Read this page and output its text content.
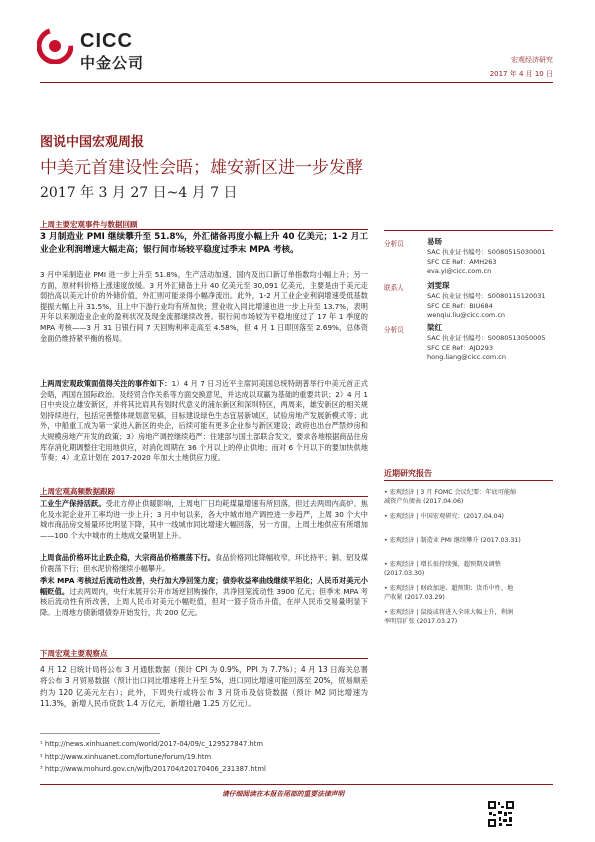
CICC
中金公司	宏观经济研究
2017 年 4 月 10 日
图说中国宏观周报
中美元首建设性会晤；雄安新区进一步发酵
2017 年 3 月 27 日~4 月 7 日
上周主要宏观事件与数据回顾
3 月制造业 PMI 继续攀升至 51.8%，外汇储备再度小幅上升 40 亿美元；1-2 月工业企业利润增速大幅走高；银行间市场较平稳度过季末 MPA 考核。
3 月中采制造业 PMI 进一步上升至 51.8%，生产活动加速、国内及出口新订单指数均小幅上升；另一方面，原材料价格上涨速度放缓。3 月外汇储备上升 40 亿美元至 30,091 亿美元，主要是由于美元走弱抬高以美元计价的外储价值，外汇则可能录得小幅净流出。此外，1-2 月工业企业利润增速受低基数提振大幅上升 31.5%，且上中下游行业均有所加快；营业收入同比增速也进一步上升至 13.7%，表明开年以来制造业企业的盈利状况及现金流都继续改善。银行间市场较为平稳地度过了 17 年 1 季度的 MPA 考核——3 月 31 日银行间 7 天回购利率走高至 4.58%，但 4 月 1 日即回落至 2.69%，总体资金面仍维持紧平衡的格局。
上两周宏观政策面值得关注的事件如下：1）4 月 7 日习近平主席同美国总统特朗普举行中美元首正式会晤，两国在国际政治、及经贸合作关系等方面交换意见，并达成以双赢为基础的重要共识；2）4 月 1 日中央设立雄安新区，并将其比肩具有划时代意义的浦东新区和深圳特区，两周来，雄安新区的相关规划持续进行，包括完善整体规划意见稿，目标建设绿色生态宜居新城区，试验房地产发展新模式等；此外，中船重工成为第一家进入新区的央企，后续可能有更多企业参与新区建设；政府也出台严禁炒房和大规模房地产开发的政策；3）房地产调控继续趋严：住建部与国土部联合发文，要求各地根据商品住房库存消化期调整住宅用地供应，对消化周期在 36 个月以上的停止供地；而对 6 个月以下的要加快供地节奏；4）北京计划在 2017-2020 年加大土地供应力度。
上周宏观高频数据跟踪
工业生产保持活跃。受北方停止供暖影响，上周电厂日均耗煤量增速有所回落，但过去两周内高炉、焦化及水泥企业开工率均进一步上升；3 月中旬以来，各大中城市地产调控进一步趋严，上周 30 个大中城市商品房交易量环比明显下降，其中一线城市同比增速大幅回落，另一方面，上周土地供应有所增加——100 个大中城市的土地成交量明显上升。
上周食品价格环比止跌企稳，大宗商品价格震荡下行。食品价格同比降幅收窄，环比持平；铜、铝及煤价震荡下行；但水泥价格继续小幅攀升。
季末 MPA 考核过后流动性改善，央行加大净回笼力度；债券收益率曲线继续平坦化；人民币对美元小幅贬值。过去两周内，央行未展开公开市场逆回购操作，共净回笼流动性 3900 亿元；但季末 MPA 考核后流动性有所改善，上周人民币对美元小幅贬值，但对一篮子货币升值，在岸人民币交易量明显下降。上周地方债新增债券开始发行，共 200 亿元。
下周宏观主要观察点
4 月 12 日统计局将公布 3 月通胀数据（预计 CPI 为 0.9%，PPI 为 7.7%）；4 月 13 日海关总署将公布 3 月贸易数据（预计出口同比增速将上升至 5%，进口同比增速可能回落至 20%，贸易顺差约为 120 亿美元左右）；此外，下周央行或将公布 3 月货币及信贷数据（预计 M2 同比增速为 11.3%，新增人民币贷款 1.4 万亿元，新增社融 1.25 万亿元）。
分析员	易旸
SAC 执业证书编号：S0080515030001
SFC CE Ref：AMH263
eva.yi@cicc.com.cn
联系人	刘雯琛
SAC 执业证书编号：S0080115120031
SFC CE Ref：BIU684
wenqiu.liu@cicc.com.cn
分析员	梁红
SAC 执业证书编号：S0080513050005
SFC CE Ref：AJD293
hong.liang@cicc.com.cn
近期研究报告
• 宏观经济 | 3 月 FOMC 会议纪要：年底可能缩
减资产负债表 (2017.04.06)
• 宏观经济 | 中国宏观研究：(2017.04.04)
• 宏观经济 | 制造业 PMI 继续攀升 (2017.03.31)
• 宏观经济 | 增长很持续强，超预期及调整
(2017.03.30)
• 宏观经济 | 财政加速、超预期；货币中性、地
产收紧 (2017.03.29)
• 宏观经济 | 鼠疫或将进入全球大幅上升，利润
率明显扩张 (2017.03.27)
¹ http://news.xinhuanet.com/world/2017-04/09/c_129527847.htm
² http://www.xinhuanet.com/fortune/forum/19.htm
³ http://www.mohurd.gov.cn/wjfb/201704/t20170406_231387.html
请仔细阅读在本报告尾部的重要法律声明
